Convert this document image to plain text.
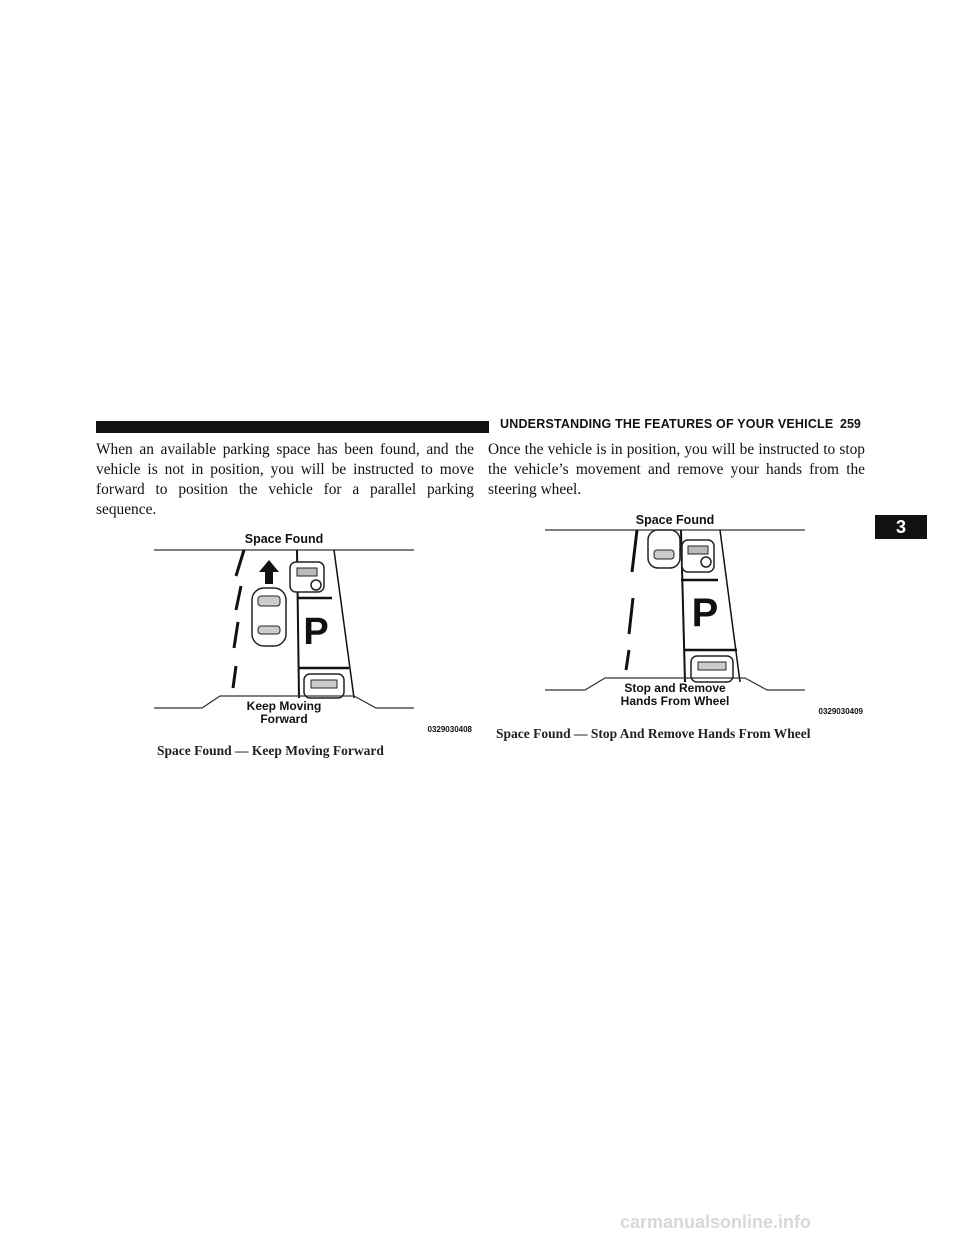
UNDERSTANDING THE FEATURES OF YOUR VEHICLE 259
3

When an available parking space has been found, and the vehicle is not in position, you will be instructed to move forward to position the vehicle for a parallel parking sequence.

Once the vehicle is in position, you will be instructed to stop the vehicle’s movement and remove your hands from the steering wheel.

Space Found
P
Keep Moving
Forward
0329030408
Space Found — Keep Moving Forward
Space Found
P
Stop and Remove
Hands From Wheel
0329030409
Space Found — Stop And Remove Hands From Wheel
carmanualsonline.info
